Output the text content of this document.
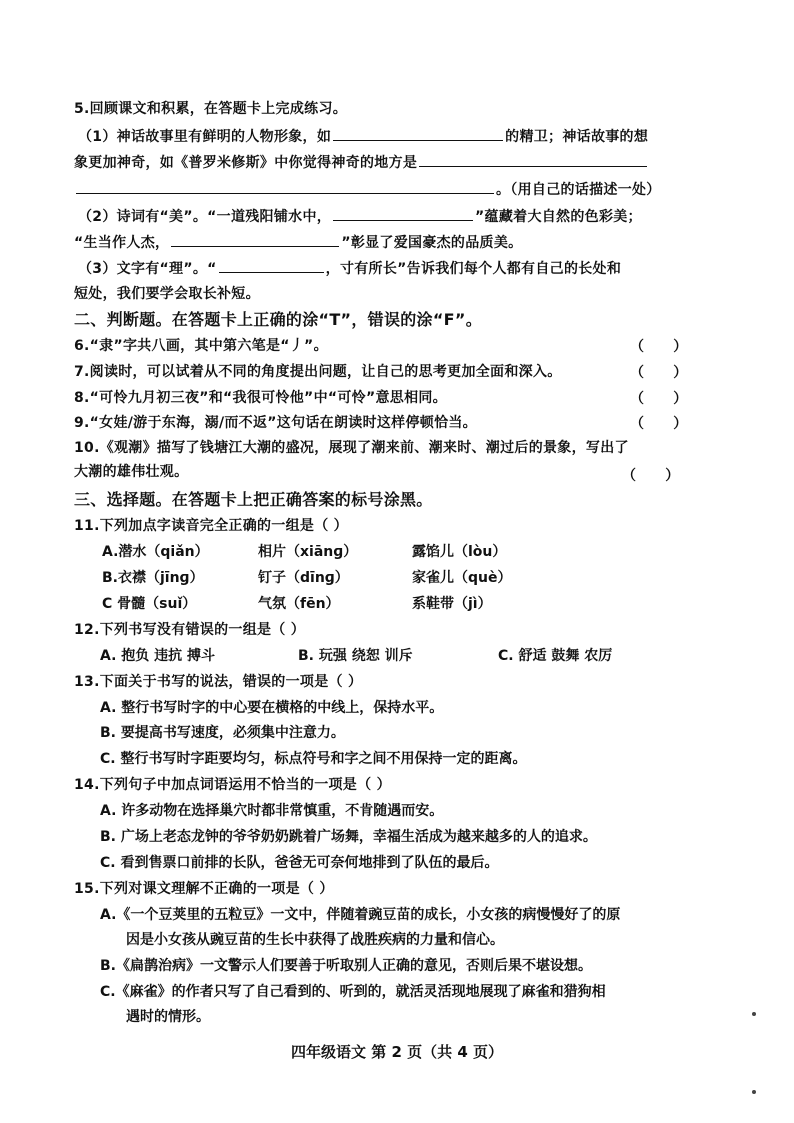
5.回顾课文和积累，在答题卡上完成练习。
（1）神话故事里有鲜明的人物形象，如	的精卫；神话故事的想
象更加神奇，如《普罗米修斯》中你觉得神奇的地方是
。（用自己的话描述一处）
（2）诗词有“美”。“一道残阳铺水中，	”蕴藏着大自然的色彩美；
“生当作人杰，	”彰显了爱国豪杰的品质美。
（3）文字有“理”。“	，寸有所长”告诉我们每个人都有自己的长处和
短处，我们要学会取长补短。
二、判断题。在答题卡上正确的涂“T”，错误的涂“F”。
6.“隶”字共八画，其中第六笔是“丿”。	（      ）
7.阅读时，可以试着从不同的角度提出问题，让自己的思考更加全面和深入。	（      ）
8.“可怜九月初三夜”和“我很可怜他”中“可怜”意思相同。	（      ）
9.“女娃/游于东海，溺/而不返”这句话在朗读时这样停顿恰当。	（      ）
10.《观潮》描写了钱塘江大潮的盛况，展现了潮来前、潮来时、潮过后的景象，写出了
大潮的雄伟壮观。	（      ）
三、选择题。在答题卡上把正确答案的标号涂黑。
11.下列加点字读音完全正确的一组是（ ）
A.潜水（qiǎn）	相片（xiānɡ）	露馅儿（lòu）
B.衣襟（jīnɡ）	钉子（dīnɡ）	家雀儿（què）
C 骨髓（suǐ）	气氛（fēn）	系鞋带（jì）
12.下列书写没有错误的一组是（ ）
A. 抱负 违抗 搏斗	B. 玩强 绕恕 训斥	C. 舒适 鼓舞 农厉
13.下面关于书写的说法，错误的一项是（ ）
A. 整行书写时字的中心要在横格的中线上，保持水平。
B. 要提高书写速度，必须集中注意力。
C. 整行书写时字距要均匀，标点符号和字之间不用保持一定的距离。
14.下列句子中加点词语运用不恰当的一项是（ ）
A. 许多动物在选择巢穴时都非常慎重，不肯随遇而安。
B. 广场上老态龙钟的爷爷奶奶跳着广场舞，幸福生活成为越来越多的人的追求。
C. 看到售票口前排的长队，爸爸无可奈何地排到了队伍的最后。
15.下列对课文理解不正确的一项是（ ）
A.《一个豆荚里的五粒豆》一文中，伴随着豌豆苗的成长，小女孩的病慢慢好了的原
因是小女孩从豌豆苗的生长中获得了战胜疾病的力量和信心。
B.《扁鹊治病》一文警示人们要善于听取别人正确的意见，否则后果不堪设想。
C.《麻雀》的作者只写了自己看到的、听到的，就活灵活现地展现了麻雀和猎狗相
遇时的情形。
四年级语文 第 2 页（共 4 页）
